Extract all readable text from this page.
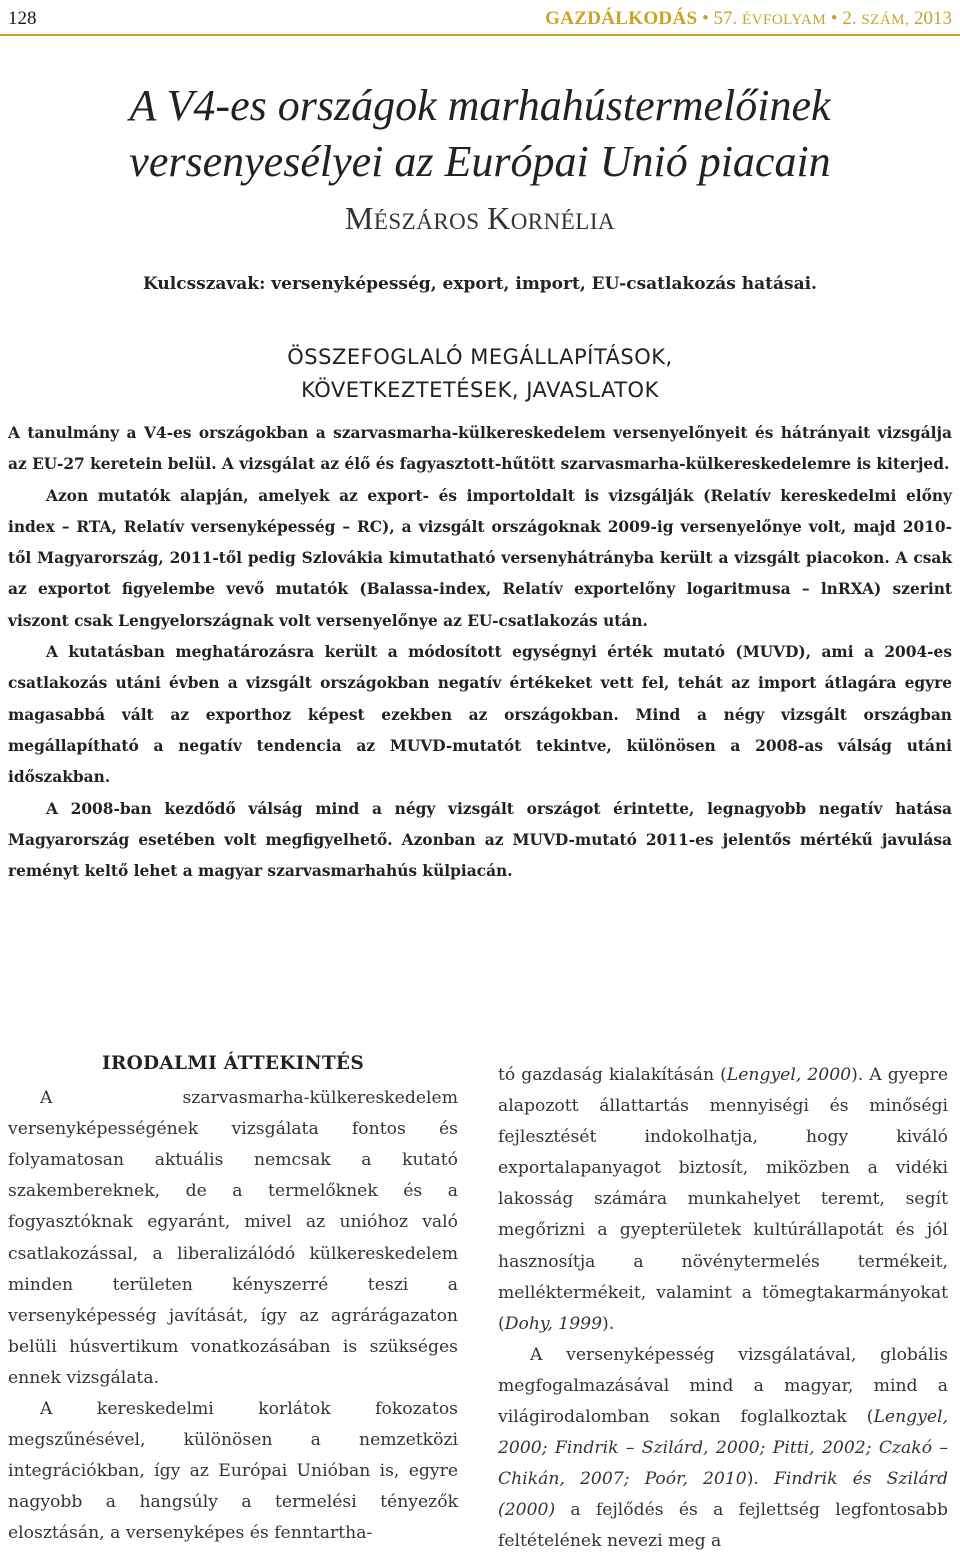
128	GAZDÁLKODÁS • 57. ÉVFOLYAM • 2. SZÁM, 2013
A V4-es országok marhahústermelőinek
versenyesélyei az Európai Unió piacain
MÉSZÁROS KORNÉLIA
Kulcsszavak: versenyképesség, export, import, EU-csatlakozás hatásai.
ÖSSZEFOGLALÓ MEGÁLLAPÍTÁSOK,
KÖVETKEZTETÉSEK, JAVASLATOK

A tanulmány a V4-es országokban a szarvasmarha-külkereskedelem versenyelőnyeit és hátrányait vizsgálja az EU-27 keretein belül. A vizsgálat az élő és fagyasztott-hűtött szarvasmarha-külkereskedelemre is kiterjed.

Azon mutatók alapján, amelyek az export- és importoldalt is vizsgálják (Relatív kereskedelmi előny index – RTA, Relatív versenyképesség – RC), a vizsgált országoknak 2009-ig versenyelőnye volt, majd 2010-től Magyarország, 2011-től pedig Szlovákia kimutatható versenyhátrányba került a vizsgált piacokon. A csak az exportot figyelembe vevő mutatók (Balassa-index, Relatív exportelőny logaritmusa – lnRXA) szerint viszont csak Lengyelországnak volt versenyelőnye az EU-csatlakozás után.

A kutatásban meghatározásra került a módosított egységnyi érték mutató (MUVD), ami a 2004-es csatlakozás utáni évben a vizsgált országokban negatív értékeket vett fel, tehát az import átlagára egyre magasabbá vált az exporthoz képest ezekben az országokban. Mind a négy vizsgált országban megállapítható a negatív tendencia az MUVD-mutatót tekintve, különösen a 2008-as válság utáni időszakban.

A 2008-ban kezdődő válság mind a négy vizsgált országot érintette, legnagyobb negatív hatása Magyarország esetében volt megfigyelhető. Azonban az MUVD-mutató 2011-es jelentős mértékű javulása reményt keltő lehet a magyar szarvasmarhahús külpiacán.

IRODALMI ÁTTEKINTÉS

A szarvasmarha-külkereskedelem versenyképességének vizsgálata fontos és folyamatosan aktuális nemcsak a kutató szakembereknek, de a termelőknek és a fogyasztóknak egyaránt, mivel az unióhoz való csatlakozással, a liberalizálódó külkereskedelem minden területen kényszerré teszi a versenyképesség javítását, így az agrárágazaton belüli húsvertikum vonatkozásában is szükséges ennek vizsgálata.

A kereskedelmi korlátok fokozatos megszűnésével, különösen a nemzetközi integrációkban, így az Európai Unióban is, egyre nagyobb a hangsúly a termelési tényezők elosztásán, a versenyképes és fenntartha-

tó gazdaság kialakításán (Lengyel, 2000). A gyepre alapozott állattartás mennyiségi és minőségi fejlesztését indokolhatja, hogy kiváló exportalapanyagot biztosít, miközben a vidéki lakosság számára munkahelyet teremt, segít megőrizni a gyepterületek kultúrállapotát és jól hasznosítja a növénytermelés termékeit, melléktermékeit, valamint a tömegtakarmányokat (Dohy, 1999).

A versenyképesség vizsgálatával, globális megfogalmazásával mind a magyar, mind a világirodalomban sokan foglalkoztak (Lengyel, 2000; Findrik – Szilárd, 2000; Pitti, 2002; Czakó – Chikán, 2007; Poór, 2010). Findrik és Szilárd (2000) a fejlődés és a fejlettség legfontosabb feltételének nevezi meg a
